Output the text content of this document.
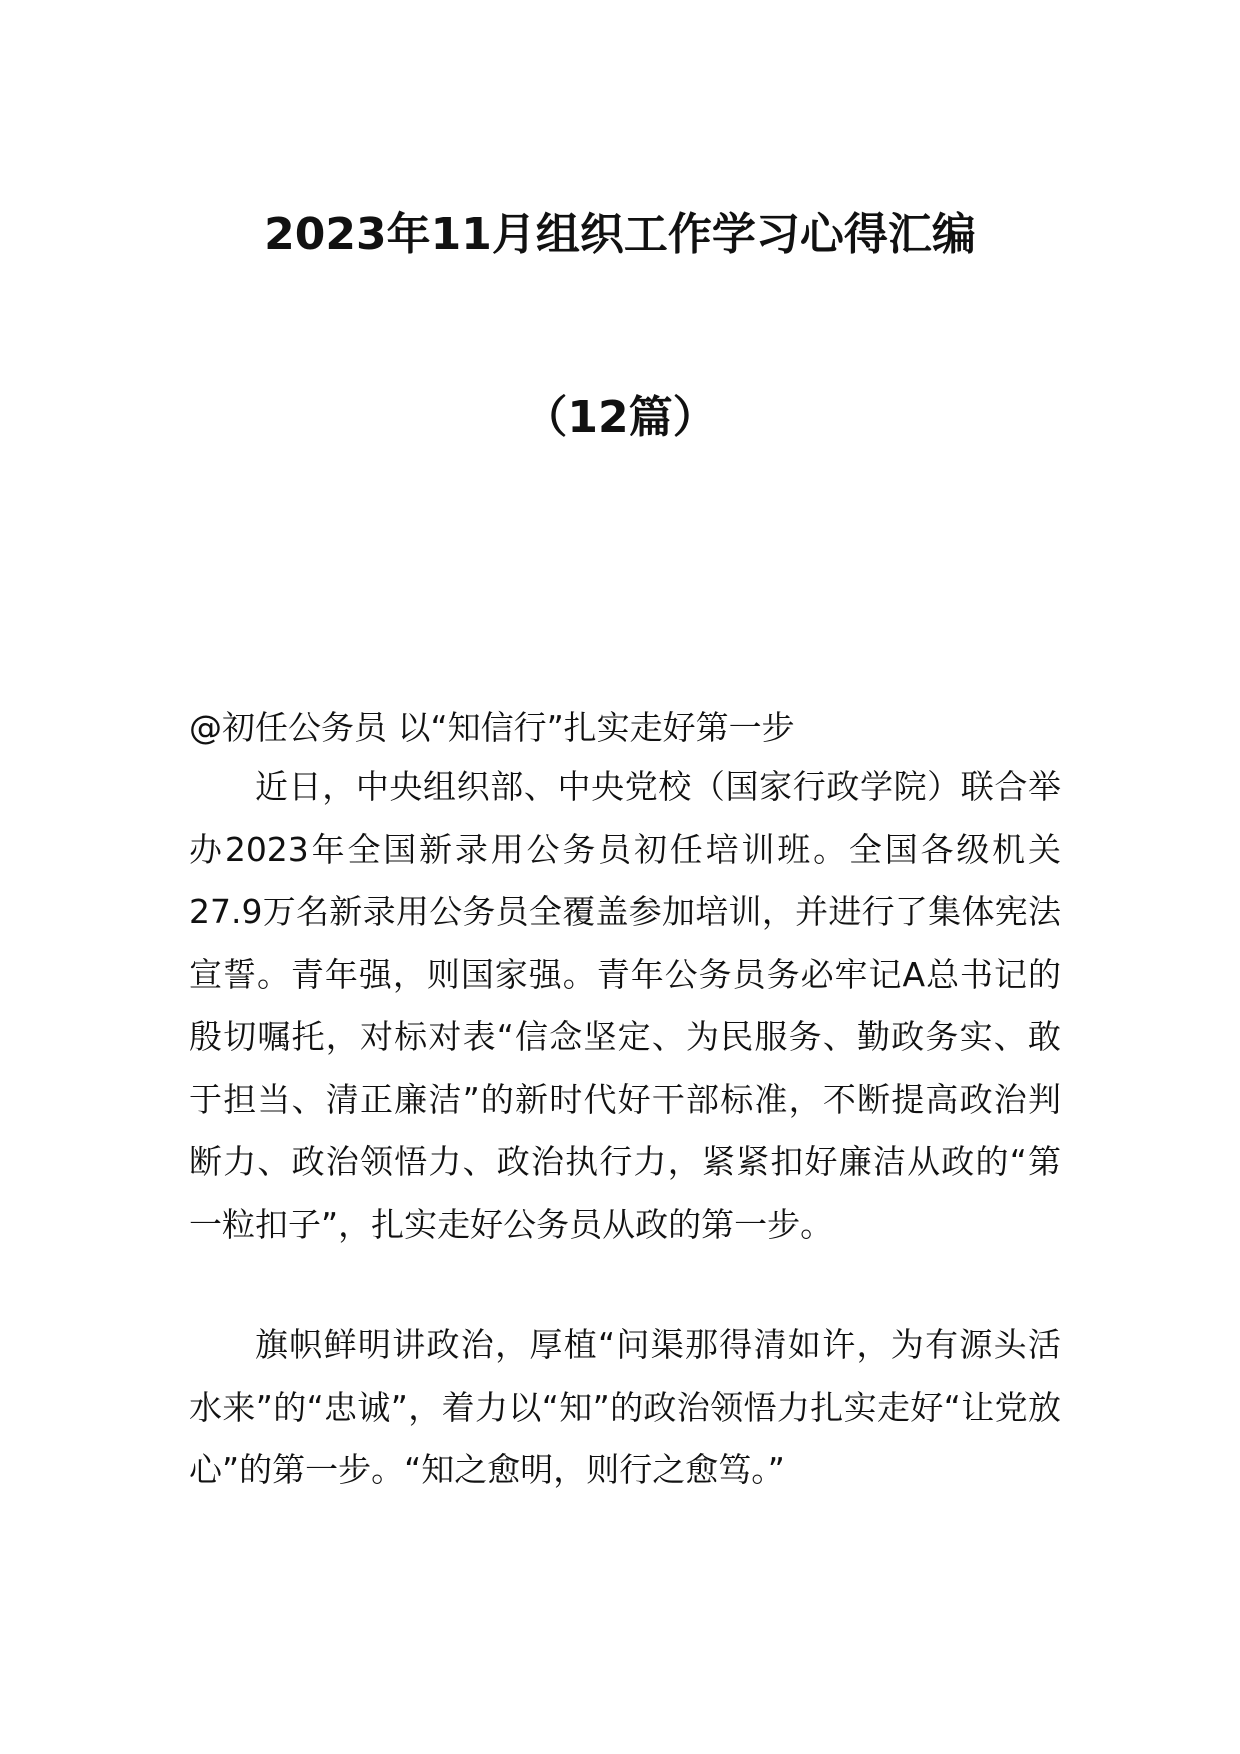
2023年11月组织工作学习心得汇编
（12篇）

@初任公务员 以“知信行”扎实走好第一步

近日，中央组织部、中央党校（国家行政学院）联合举办2023年全国新录用公务员初任培训班。全国各级机关27.9万名新录用公务员全覆盖参加培训，并进行了集体宪法宣誓。青年强，则国家强。青年公务员务必牢记A总书记的殷切嘱托，对标对表“信念坚定、为民服务、勤政务实、敢于担当、清正廉洁”的新时代好干部标准，不断提高政治判断力、政治领悟力、政治执行力，紧紧扣好廉洁从政的“第一粒扣子”，扎实走好公务员从政的第一步。

旗帜鲜明讲政治，厚植“问渠那得清如许，为有源头活水来”的“忠诚”，着力以“知”的政治领悟力扎实走好“让党放心”的第一步。“知之愈明，则行之愈笃。”
